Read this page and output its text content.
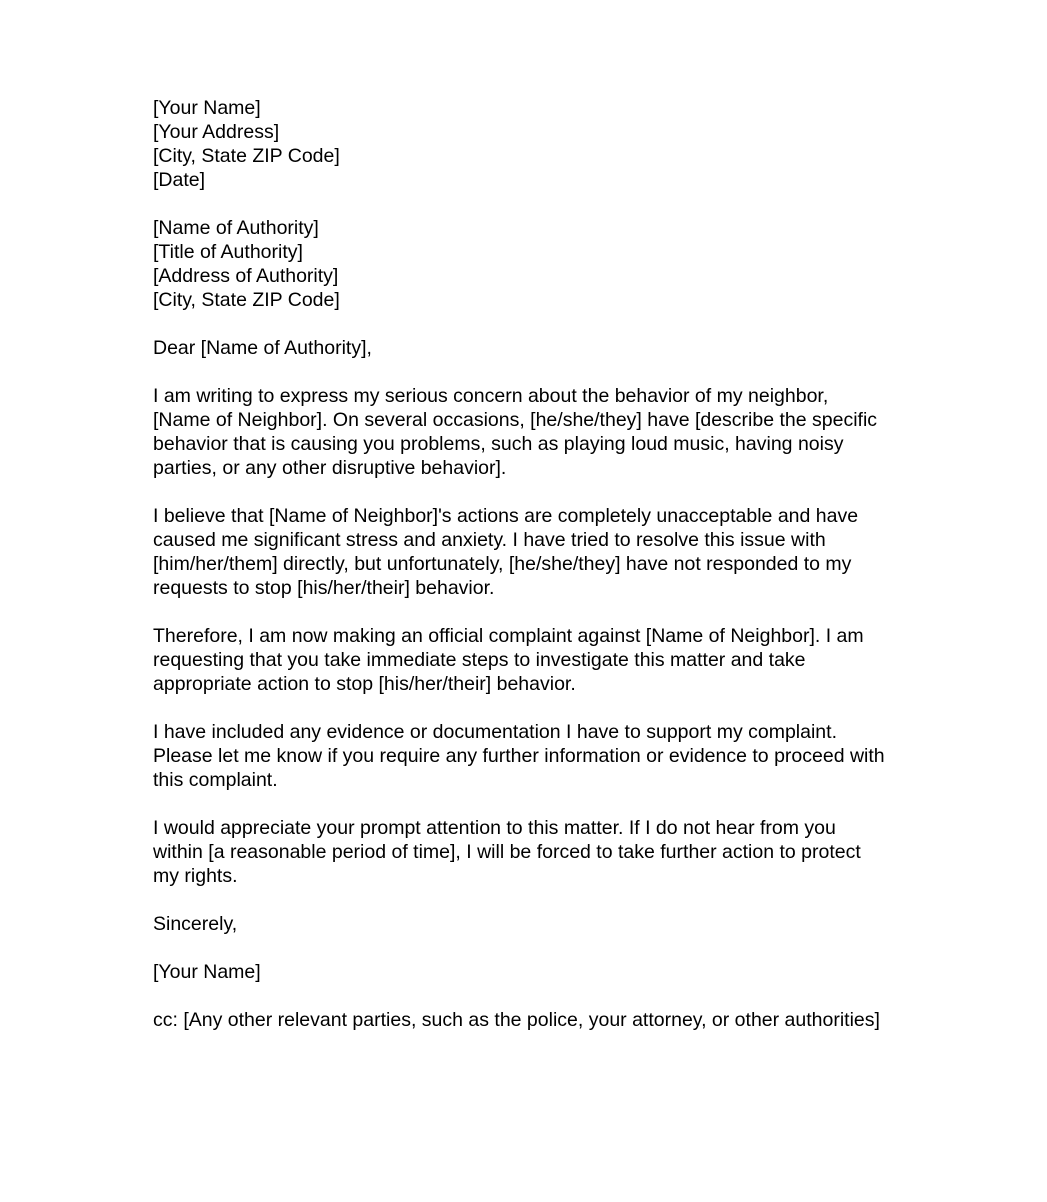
[Your Name]
[Your Address]
[City, State ZIP Code]
[Date]
[Name of Authority]
[Title of Authority]
[Address of Authority]
[City, State ZIP Code]

Dear [Name of Authority],

I am writing to express my serious concern about the behavior of my neighbor, [Name of Neighbor]. On several occasions, [he/she/they] have [describe the specific behavior that is causing you problems, such as playing loud music, having noisy parties, or any other disruptive behavior].

I believe that [Name of Neighbor]'s actions are completely unacceptable and have caused me significant stress and anxiety. I have tried to resolve this issue with [him/her/them] directly, but unfortunately, [he/she/they] have not responded to my requests to stop [his/her/their] behavior.

Therefore, I am now making an official complaint against [Name of Neighbor]. I am requesting that you take immediate steps to investigate this matter and take appropriate action to stop [his/her/their] behavior.

I have included any evidence or documentation I have to support my complaint. Please let me know if you require any further information or evidence to proceed with this complaint.

I would appreciate your prompt attention to this matter. If I do not hear from you within [a reasonable period of time], I will be forced to take further action to protect my rights.

Sincerely,

[Your Name]

cc: [Any other relevant parties, such as the police, your attorney, or other authorities]
